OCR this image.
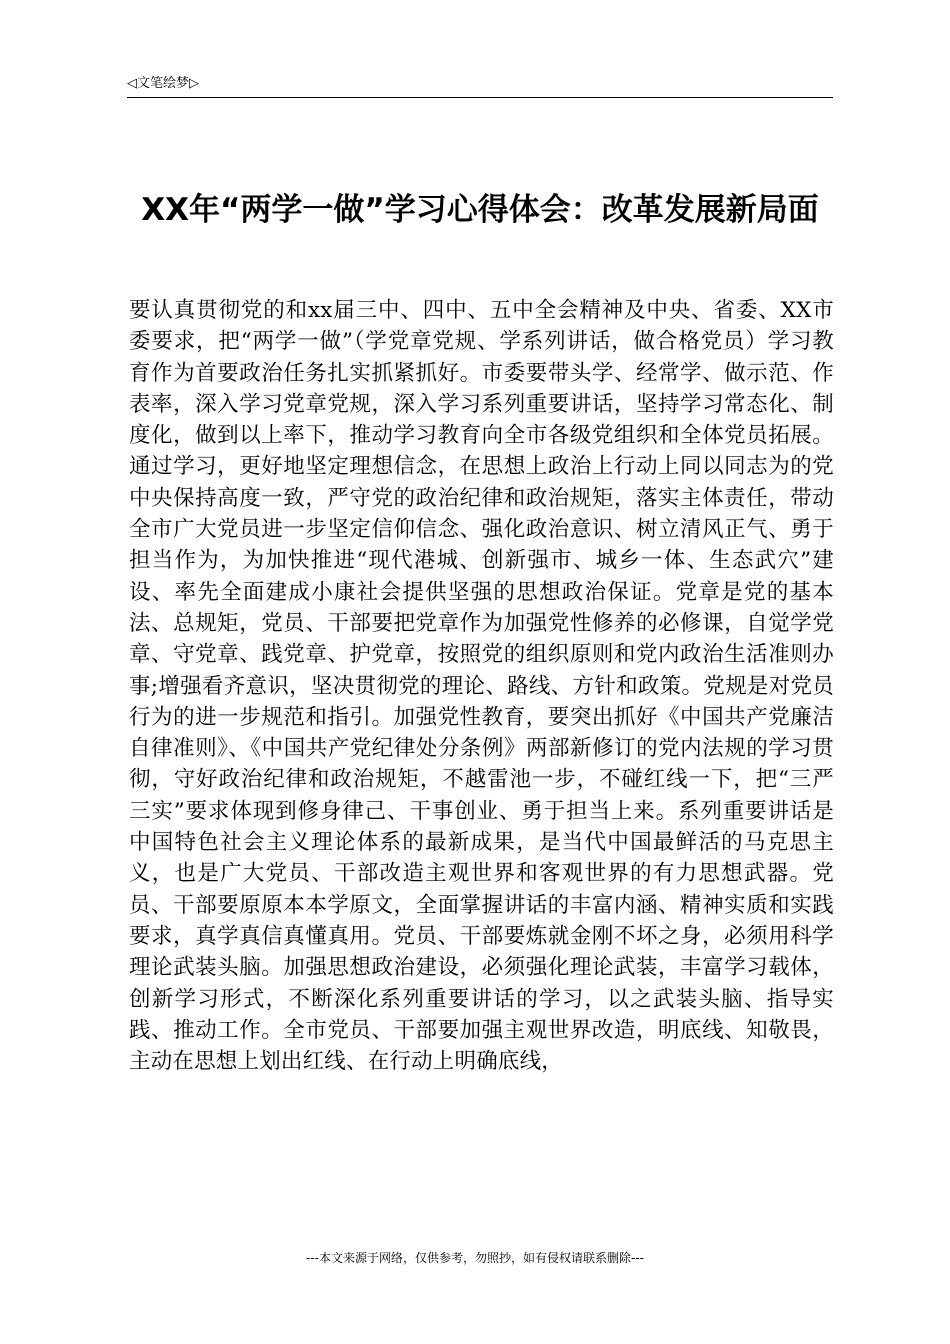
◁文笔绘梦▷
XX年“两学一做”学习心得体会：改革发展新局面

要认真贯彻党的和xx届三中、四中、五中全会精神及中央、省委、XX市委要求，把“两学一做”（学党章党规、学系列讲话，做合格党员）学习教育作为首要政治任务扎实抓紧抓好。市委要带头学、经常学、做示范、作表率，深入学习党章党规，深入学习系列重要讲话，坚持学习常态化、制度化，做到以上率下，推动学习教育向全市各级党组织和全体党员拓展。通过学习，更好地坚定理想信念，在思想上政治上行动上同以同志为的党中央保持高度一致，严守党的政治纪律和政治规矩，落实主体责任，带动全市广大党员进一步坚定信仰信念、强化政治意识、树立清风正气、勇于担当作为，为加快推进“现代港城、创新强市、城乡一体、生态武穴”建设、率先全面建成小康社会提供坚强的思想政治保证。党章是党的基本法、总规矩，党员、干部要把党章作为加强党性修养的必修课，自觉学党章、守党章、践党章、护党章，按照党的组织原则和党内政治生活准则办事;增强看齐意识，坚决贯彻党的理论、路线、方针和政策。党规是对党员行为的进一步规范和指引。加强党性教育，要突出抓好《中国共产党廉洁自律准则》、《中国共产党纪律处分条例》两部新修订的党内法规的学习贯彻，守好政治纪律和政治规矩，不越雷池一步，不碰红线一下，把“三严三实”要求体现到修身律己、干事创业、勇于担当上来。系列重要讲话是中国特色社会主义理论体系的最新成果，是当代中国最鲜活的马克思主义，也是广大党员、干部改造主观世界和客观世界的有力思想武器。党员、干部要原原本本学原文，全面掌握讲话的丰富内涵、精神实质和实践要求，真学真信真懂真用。党员、干部要炼就金刚不坏之身，必须用科学理论武装头脑。加强思想政治建设，必须强化理论武装，丰富学习载体，创新学习形式，不断深化系列重要讲话的学习，以之武装头脑、指导实践、推动工作。全市党员、干部要加强主观世界改造，明底线、知敬畏，主动在思想上划出红线、在行动上明确底线，

---本文来源于网络，仅供参考，勿照抄，如有侵权请联系删除---
